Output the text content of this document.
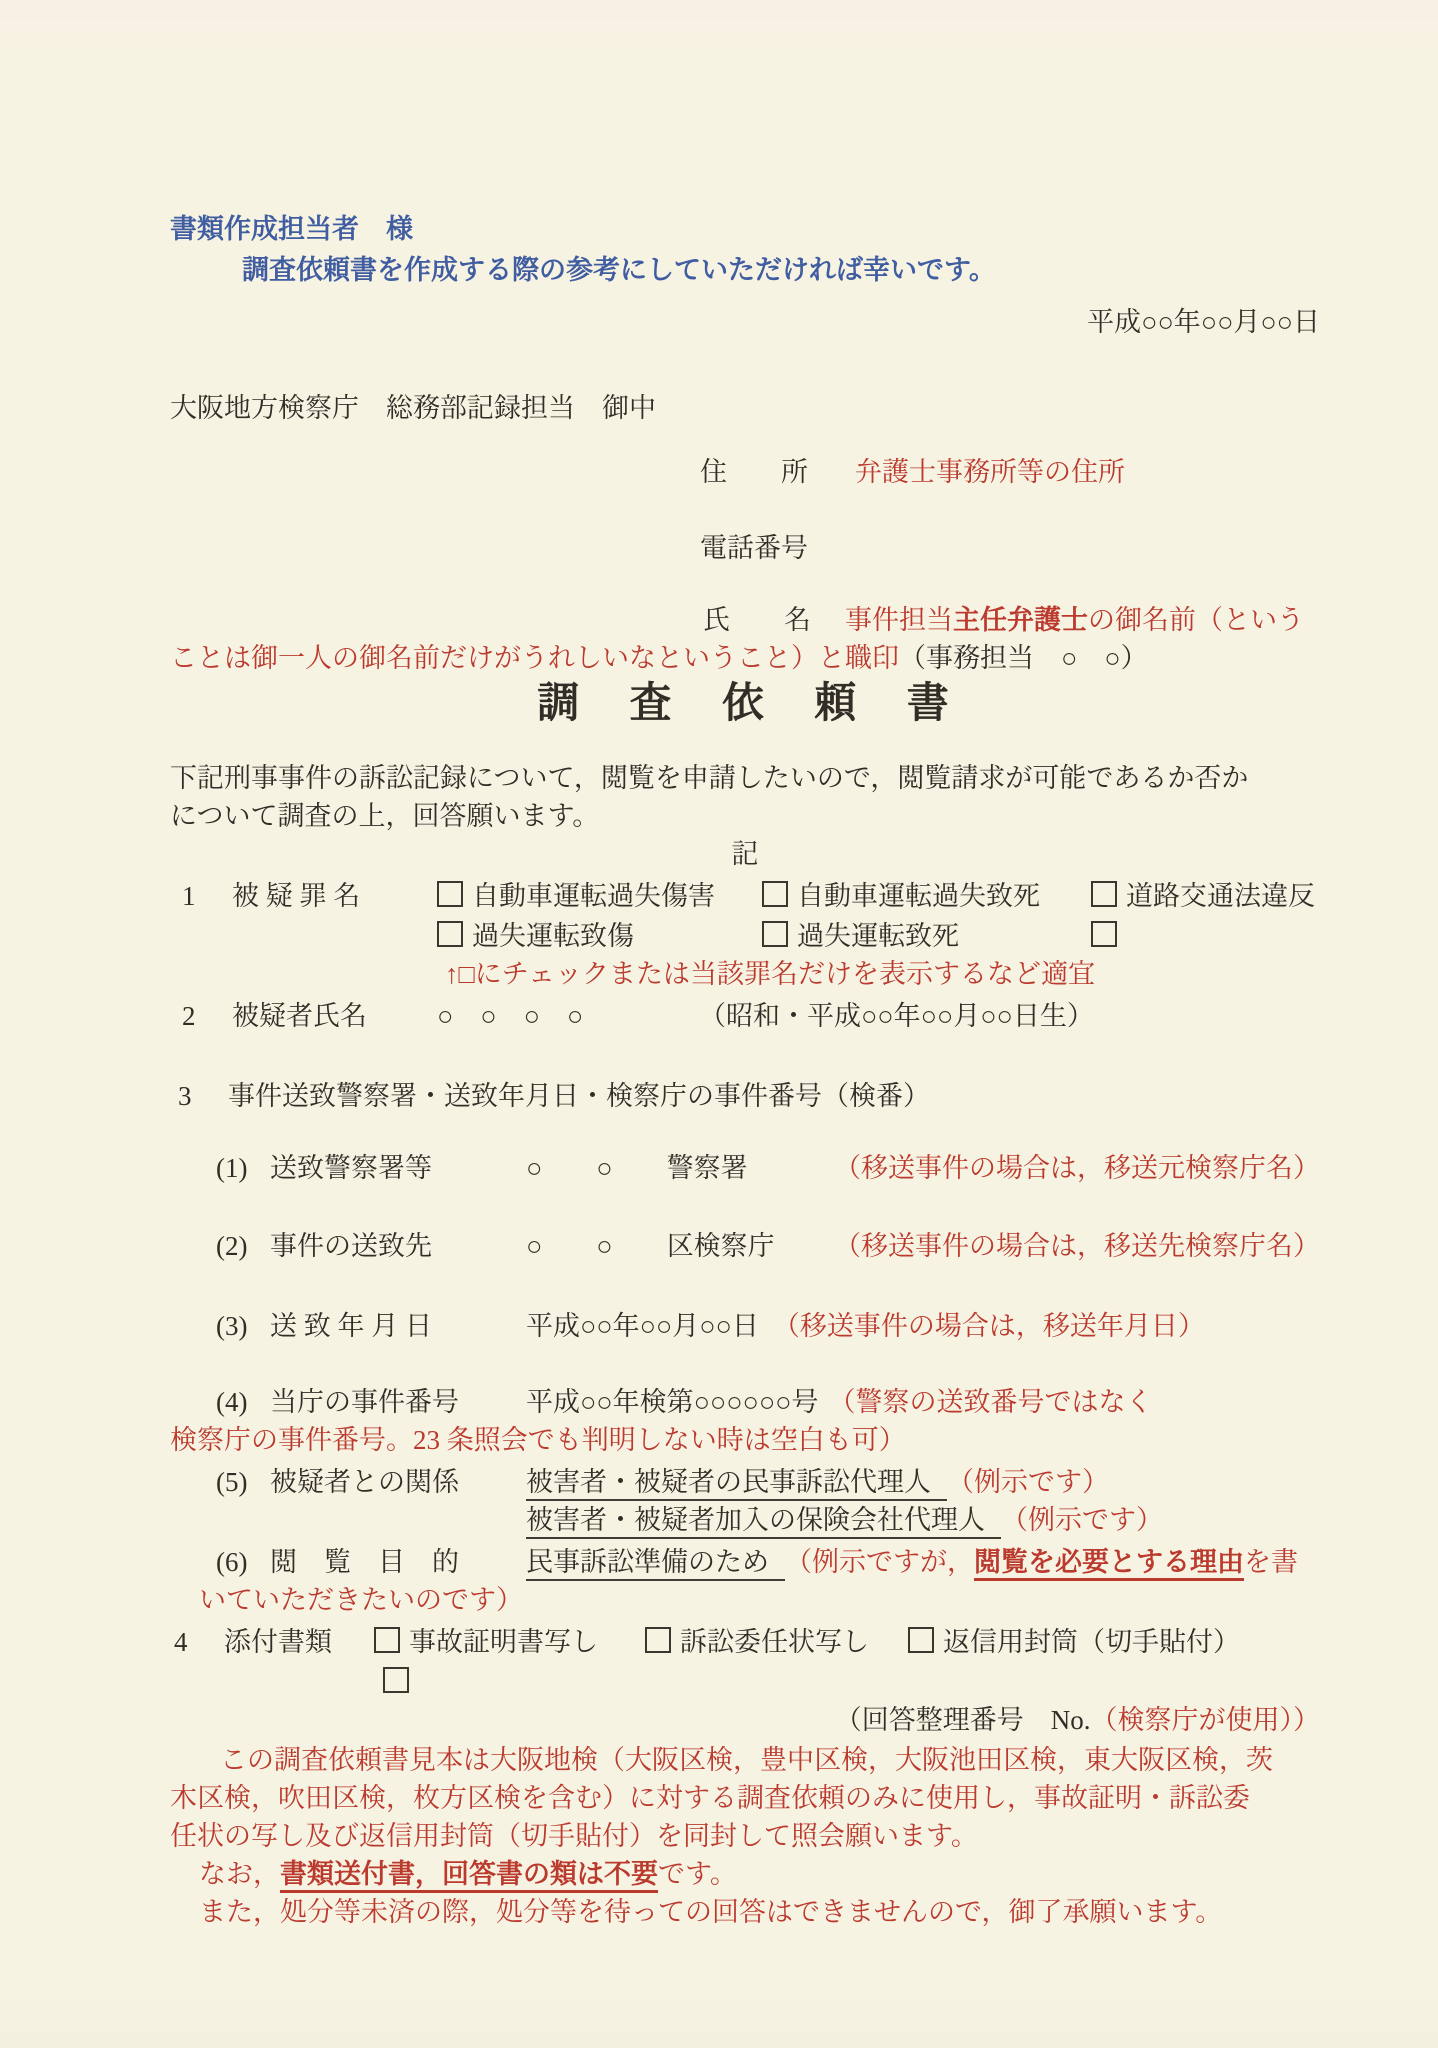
書類作成担当者　様
調査依頼書を作成する際の参考にしていただければ幸いです。
平成○○年○○月○○日
大阪地方検察庁　総務部記録担当　御中
住　　所	弁護士事務所等の住所
電話番号
氏　　名	事件担当 主任弁護士 の御名前（という
ことは御一人の御名前だけがうれしいなということ）と職印（事務担当　○　○）
調　査　依　頼　書
下記刑事事件の訴訟記録について，閲覧を申請したいので，閲覧請求が可能であるか否か
について調査の上，回答願います。
記
1	被 疑 罪 名	自動車運転過失傷害	自動車運転過失致死	道路交通法違反
過失運転致傷	過失運転致死
↑□にチェックまたは当該罪名だけを表示するなど適宜
2	被疑者氏名	○　○　○　○	（昭和・平成○○年○○月○○日生）
3	事件送致警察署・送致年月日・検察庁の事件番号（検番）
(1) 送致警察署等	○　　○　　警察署	（移送事件の場合は，移送元検察庁名）
(2) 事件の送致先	○　　○　　区検察庁	（移送事件の場合は，移送先検察庁名）
(3) 送 致 年 月 日	平成○○年○○月○○日 （移送事件の場合は，移送年月日）
(4) 当庁の事件番号	平成○○年検第○○○○○○号 （警察の送致番号ではなく
検察庁の事件番号。23 条照会でも判明しない時は空白も可）
(5) 被疑者との関係	被害者・被疑者の民事訴訟代理人 （例示です）
被害者・被疑者加入の保険会社代理人 （例示です）
(6) 閲　覧　目　的	民事訴訟準備のため （例示ですが，閲覧を必要とする理由を書
いていただきたいのです）
4	添付書類	事故証明書写し	訴訟委任状写し	返信用封筒（切手貼付）
（回答整理番号　No.（検察庁が使用））
この調査依頼書見本は大阪地検（大阪区検，豊中区検，大阪池田区検，東大阪区検，茨
木区検，吹田区検，枚方区検を含む）に対する調査依頼のみに使用し，事故証明・訴訟委
任状の写し及び返信用封筒（切手貼付）を同封して照会願います。
なお，書類送付書，回答書の類は不要です。
また，処分等未済の際，処分等を待っての回答はできませんので，御了承願います。
